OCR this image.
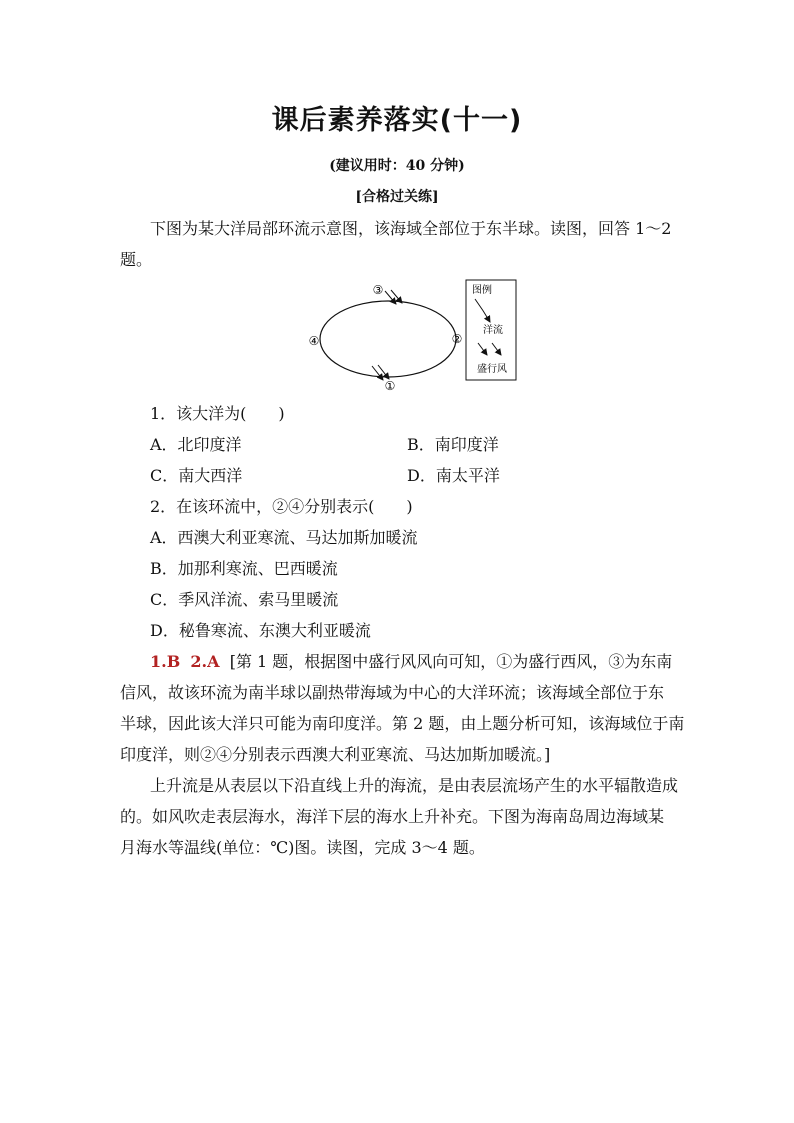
课后素养落实(十一)
(建议用时：40 分钟)
[合格过关练]
下图为某大洋局部环流示意图，该海域全部位于东半球。读图，回答 1～2
题。
③
②
④
①
图例
洋流
盛行风
1．该大洋为(　　)
A．北印度洋	B．南印度洋
C．南大西洋	D．南太平洋
2．在该环流中，②④分别表示(　　)
A．西澳大利亚寒流、马达加斯加暖流
B．加那利寒流、巴西暖流
C．季风洋流、索马里暖流
D．秘鲁寒流、东澳大利亚暖流
1.B 2.A [第 1 题，根据图中盛行风风向可知，①为盛行西风，③为东南
信风，故该环流为南半球以副热带海域为中心的大洋环流；该海域全部位于东
半球，因此该大洋只可能为南印度洋。第 2 题，由上题分析可知，该海域位于南
印度洋，则②④分别表示西澳大利亚寒流、马达加斯加暖流。]
上升流是从表层以下沿直线上升的海流，是由表层流场产生的水平辐散造成
的。如风吹走表层海水，海洋下层的海水上升补充。下图为海南岛周边海域某
月海水等温线(单位：℃)图。读图，完成 3～4 题。
